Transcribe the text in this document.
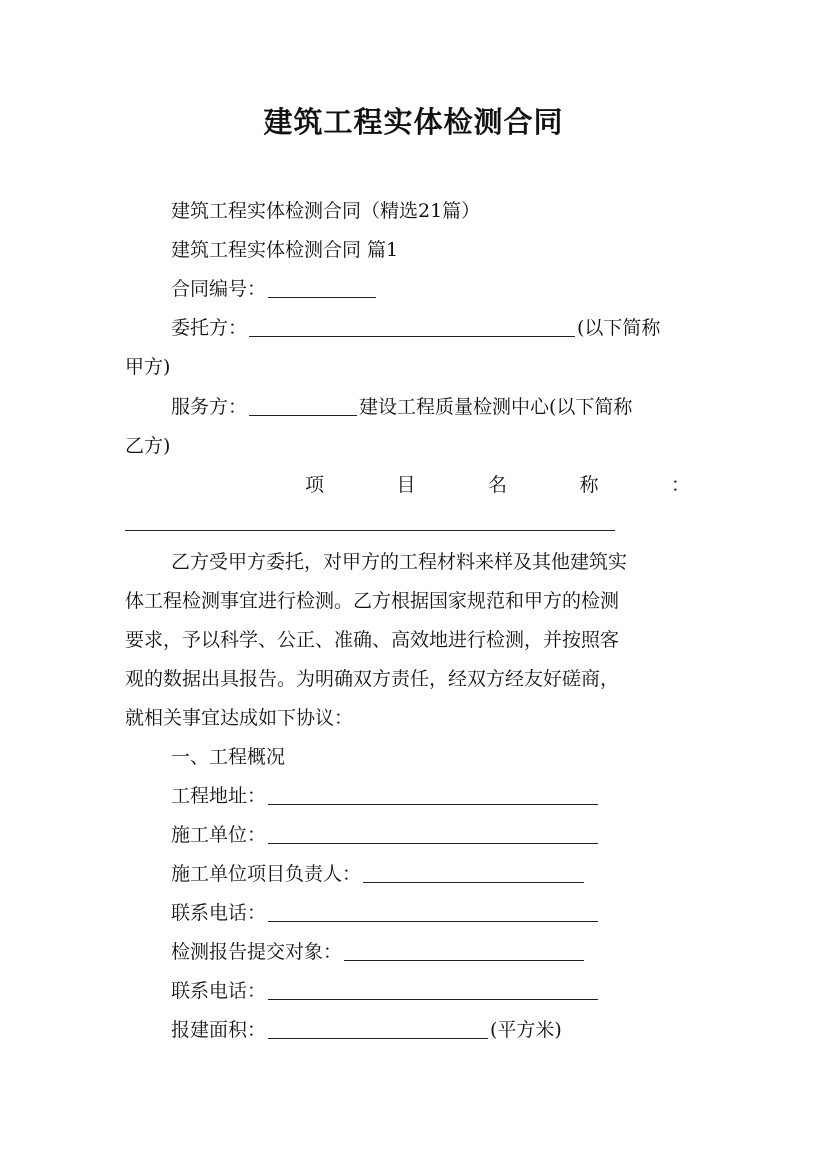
建筑工程实体检测合同
建筑工程实体检测合同（精选21篇）
建筑工程实体检测合同 篇1
合同编号：
委托方：	(以下简称
甲方)
服务方：	建设工程质量检测中心(以下简称
乙方)
项	目	名	称	：
乙方受甲方委托，对甲方的工程材料来样及其他建筑实
体工程检测事宜进行检测。乙方根据国家规范和甲方的检测
要求，予以科学、公正、准确、高效地进行检测，并按照客
观的数据出具报告。为明确双方责任，经双方经友好磋商，
就相关事宜达成如下协议：
一、工程概况
工程地址：
施工单位：
施工单位项目负责人：
联系电话：
检测报告提交对象：
联系电话：
报建面积：	(平方米)
